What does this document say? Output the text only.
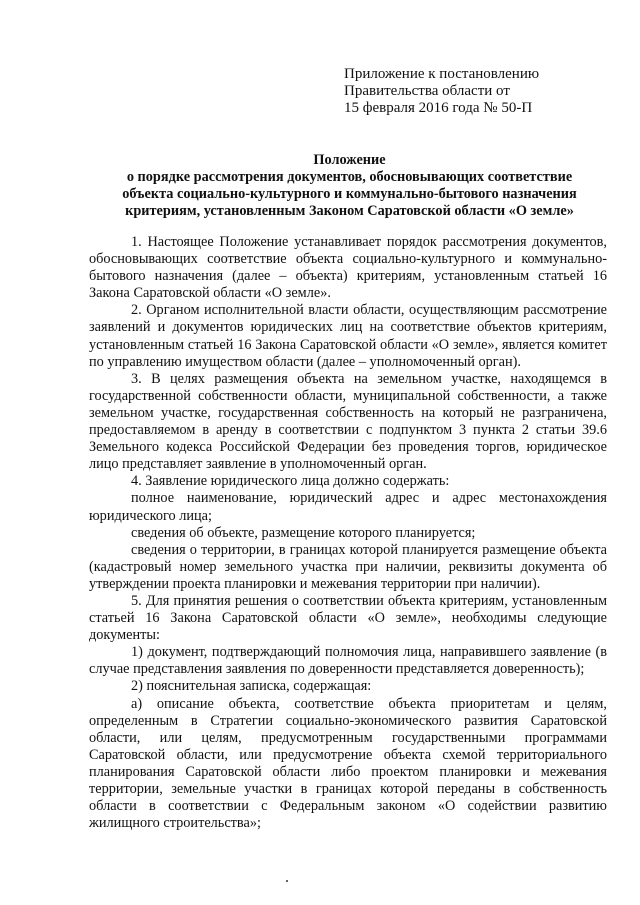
Приложение к постановлению
Правительства области от
15 февраля 2016 года № 50-П
Положение
о порядке рассмотрения документов, обосновывающих соответствие
объекта социально-культурного и коммунально-бытового назначения
критериям, установленным Законом Саратовской области «О земле»

1. Настоящее Положение устанавливает порядок рассмотрения документов, обосновывающих соответствие объекта социально-культурного и коммунально-бытового назначения (далее – объекта) критериям, установленным статьей 16 Закона Саратовской области «О земле».

2. Органом исполнительной власти области, осуществляющим рассмотрение заявлений и документов юридических лиц на соответствие объектов критериям, установленным статьей 16 Закона Саратовской области «О земле», является комитет по управлению имуществом области (далее – уполномоченный орган).

3. В целях размещения объекта на земельном участке, находящемся в государственной собственности области, муниципальной собственности, а также земельном участке, государственная собственность на который не разграничена, предоставляемом в аренду в соответствии с подпунктом 3 пункта 2 статьи 39.6 Земельного кодекса Российской Федерации без проведения торгов, юридическое лицо представляет заявление в уполномоченный орган.

4. Заявление юридического лица должно содержать:

полное наименование, юридический адрес и адрес местонахождения юридического лица;

сведения об объекте, размещение которого планируется;

сведения о территории, в границах которой планируется размещение объекта (кадастровый номер земельного участка при наличии, реквизиты документа об утверждении проекта планировки и межевания территории при наличии).

5. Для принятия решения о соответствии объекта критериям, установленным статьей 16 Закона Саратовской области «О земле», необходимы следующие документы:

1) документ, подтверждающий полномочия лица, направившего заявление (в случае представления заявления по доверенности представляется доверенность);

2) пояснительная записка, содержащая:

а) описание объекта, соответствие объекта приоритетам и целям, определенным в Стратегии социально-экономического развития Саратовской области, или целям, предусмотренным государственными программами Саратовской области, или предусмотрение объекта схемой территориального планирования Саратовской области либо проектом планировки и межевания территории, земельные участки в границах которой переданы в собственность области в соответствии с Федеральным законом «О содействии развитию жилищного строительства»;
